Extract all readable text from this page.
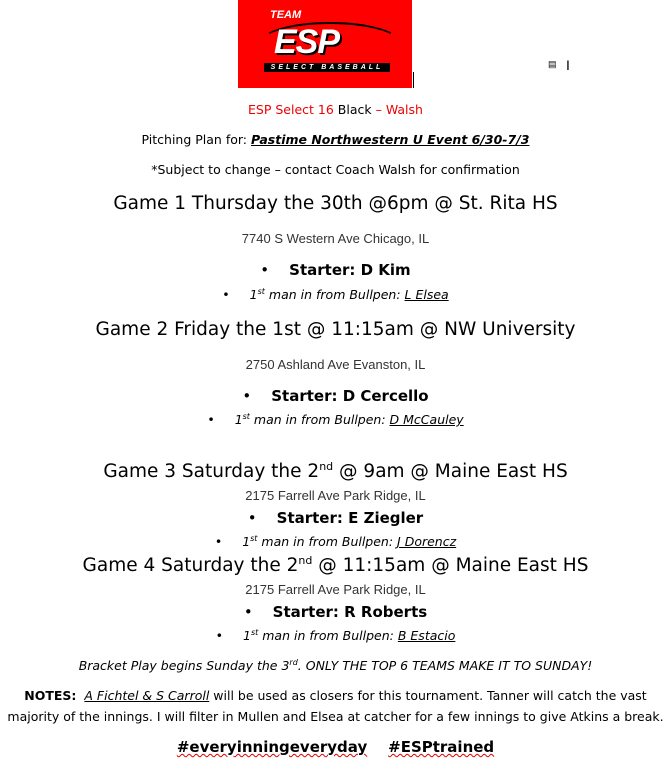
TEAM
ESP
SELECT BASEBALL	▤ I
ESP Select 16 Black – Walsh
Pitching Plan for: Pastime Northwestern U Event 6/30-7/3
*Subject to change – contact Coach Walsh for confirmation
Game 1 Thursday the 30th @6pm @ St. Rita HS
7740 S Western Ave Chicago, IL
• Starter: D Kim
• 1st man in from Bullpen: L Elsea
Game 2 Friday the 1st @ 11:15am @ NW University
2750 Ashland Ave Evanston, IL
• Starter: D Cercello
• 1st man in from Bullpen: D McCauley
Game 3 Saturday the 2nd @ 9am @ Maine East HS
2175 Farrell Ave Park Ridge, IL
• Starter: E Ziegler
• 1st man in from Bullpen: J Dorencz
Game 4 Saturday the 2nd @ 11:15am @ Maine East HS
2175 Farrell Ave Park Ridge, IL
• Starter: R Roberts
• 1st man in from Bullpen: B Estacio
Bracket Play begins Sunday the 3rd. ONLY THE TOP 6 TEAMS MAKE IT TO SUNDAY!
NOTES: A Fichtel & S Carroll will be used as closers for this tournament. Tanner will catch the vast
majority of the innings. I will filter in Mullen and Elsea at catcher for a few innings to give Atkins a break.
#everyinningeveryday #ESPtrained
